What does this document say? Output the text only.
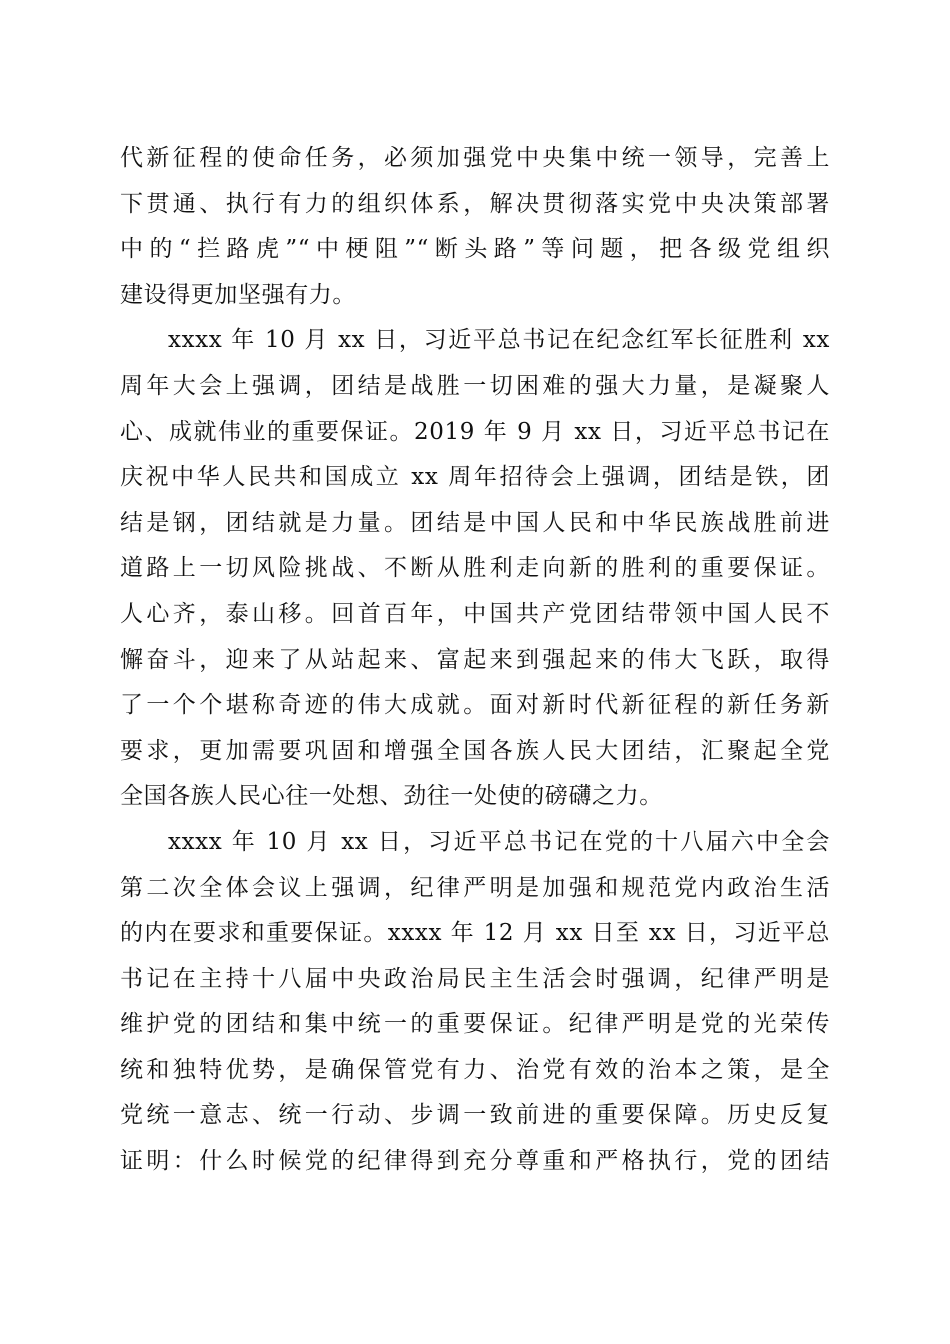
代新征程的使命任务，必须加强党中央集中统一领导，完善上
下贯通、执行有力的组织体系，解决贯彻落实党中央决策部署
中的“拦路虎”“中梗阻”“断头路”等问题，把各级党组织
建设得更加坚强有力。
xxxx 年 10 月 xx 日，习近平总书记在纪念红军长征胜利 xx
周年大会上强调，团结是战胜一切困难的强大力量，是凝聚人
心、成就伟业的重要保证。2019 年 9 月 xx 日，习近平总书记在
庆祝中华人民共和国成立 xx 周年招待会上强调，团结是铁，团
结是钢，团结就是力量。团结是中国人民和中华民族战胜前进
道路上一切风险挑战、不断从胜利走向新的胜利的重要保证。
人心齐，泰山移。回首百年，中国共产党团结带领中国人民不
懈奋斗，迎来了从站起来、富起来到强起来的伟大飞跃，取得
了一个个堪称奇迹的伟大成就。面对新时代新征程的新任务新
要求，更加需要巩固和增强全国各族人民大团结，汇聚起全党
全国各族人民心往一处想、劲往一处使的磅礴之力。
xxxx 年 10 月 xx 日，习近平总书记在党的十八届六中全会
第二次全体会议上强调，纪律严明是加强和规范党内政治生活
的内在要求和重要保证。xxxx 年 12 月 xx 日至 xx 日，习近平总
书记在主持十八届中央政治局民主生活会时强调，纪律严明是
维护党的团结和集中统一的重要保证。纪律严明是党的光荣传
统和独特优势，是确保管党有力、治党有效的治本之策，是全
党统一意志、统一行动、步调一致前进的重要保障。历史反复
证明：什么时候党的纪律得到充分尊重和严格执行，党的团结
